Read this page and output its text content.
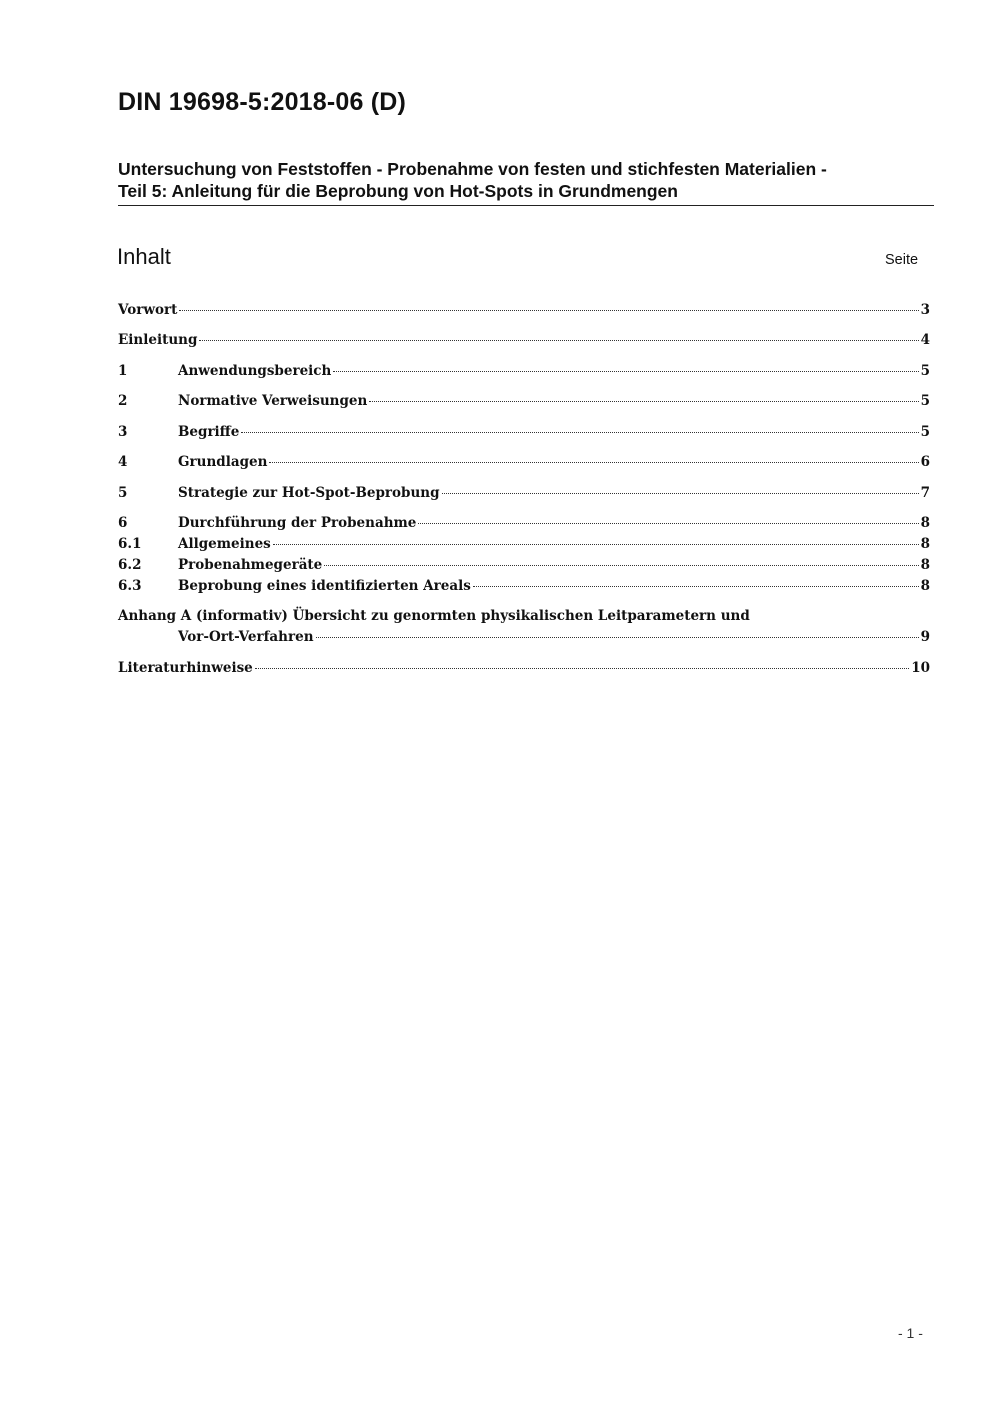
DIN 19698-5:2018-06 (D)
Untersuchung von Feststoffen - Probenahme von festen und stichfesten Materialien -
Teil 5: Anleitung für die Beprobung von Hot-Spots in Grundmengen
Inhalt	Seite
Vorwort	3
Einleitung	4
1	Anwendungsbereich	5
2	Normative Verweisungen	5
3	Begriffe	5
4	Grundlagen	6
5	Strategie zur Hot-Spot-Beprobung	7
6	Durchführung der Probenahme	8
6.1	Allgemeines	8
6.2	Probenahmegeräte	8
6.3	Beprobung eines identifizierten Areals	8
Anhang A (informativ) Übersicht zu genormten physikalischen Leitparametern und
Vor-Ort-Verfahren	9
Literaturhinweise	10
- 1 -
